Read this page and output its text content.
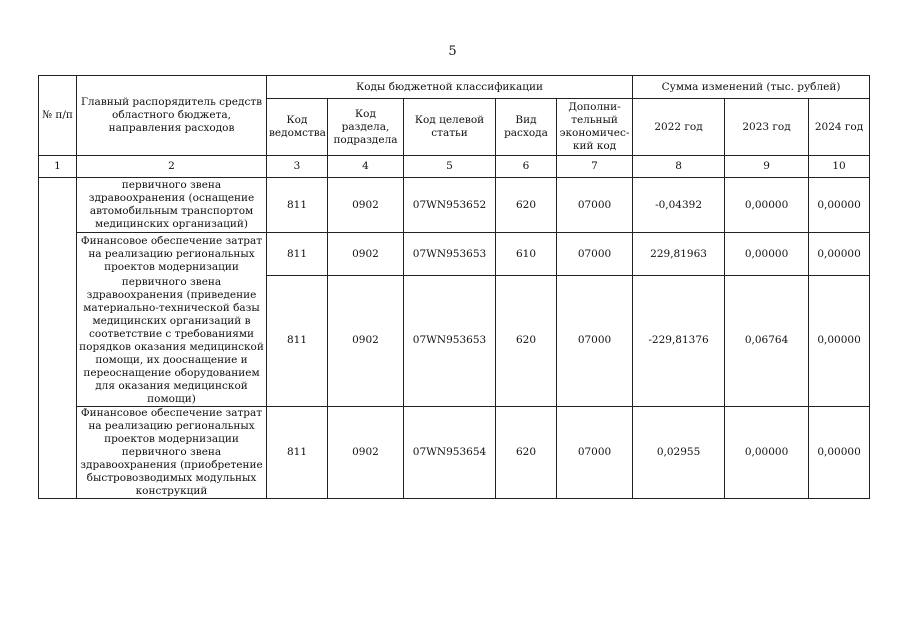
5
№ п/п	Главный распорядитель средств областного бюджета, направления расходов	Коды бюджетной классификации					Сумма изменений (тыс. рублей)		
		Код ведомства	Код раздела, подраздела	Код целевой статьи	Вид расхода	Дополни-тельный экономичес-кий код	2022 год	2023 год	2024 год
1	2	3	4	5	6	7	8	9	10
	первичного звена здравоохранения (оснащение автомобильным транспортом медицинских организаций)	811	0902	07WN953652	620	07000	-0,04392	0,00000	0,00000
	Финансовое обеспечение затрат на реализацию региональных проектов модернизации	811	0902	07WN953653	610	07000	229,81963	0,00000	0,00000
	первичного звена здравоохранения (приведение материально-технической базы медицинских организаций в соответствие с требованиями порядков оказания медицинской помощи, их дооснащение и переоснащение оборудованием для оказания медицинской помощи)	811	0902	07WN953653	620	07000	-229,81376	0,06764	0,00000
	Финансовое обеспечение затрат на реализацию региональных проектов модернизации первичного звена здравоохранения (приобретение быстровозводимых модульных конструкций	811	0902	07WN953654	620	07000	0,02955	0,00000	0,00000
